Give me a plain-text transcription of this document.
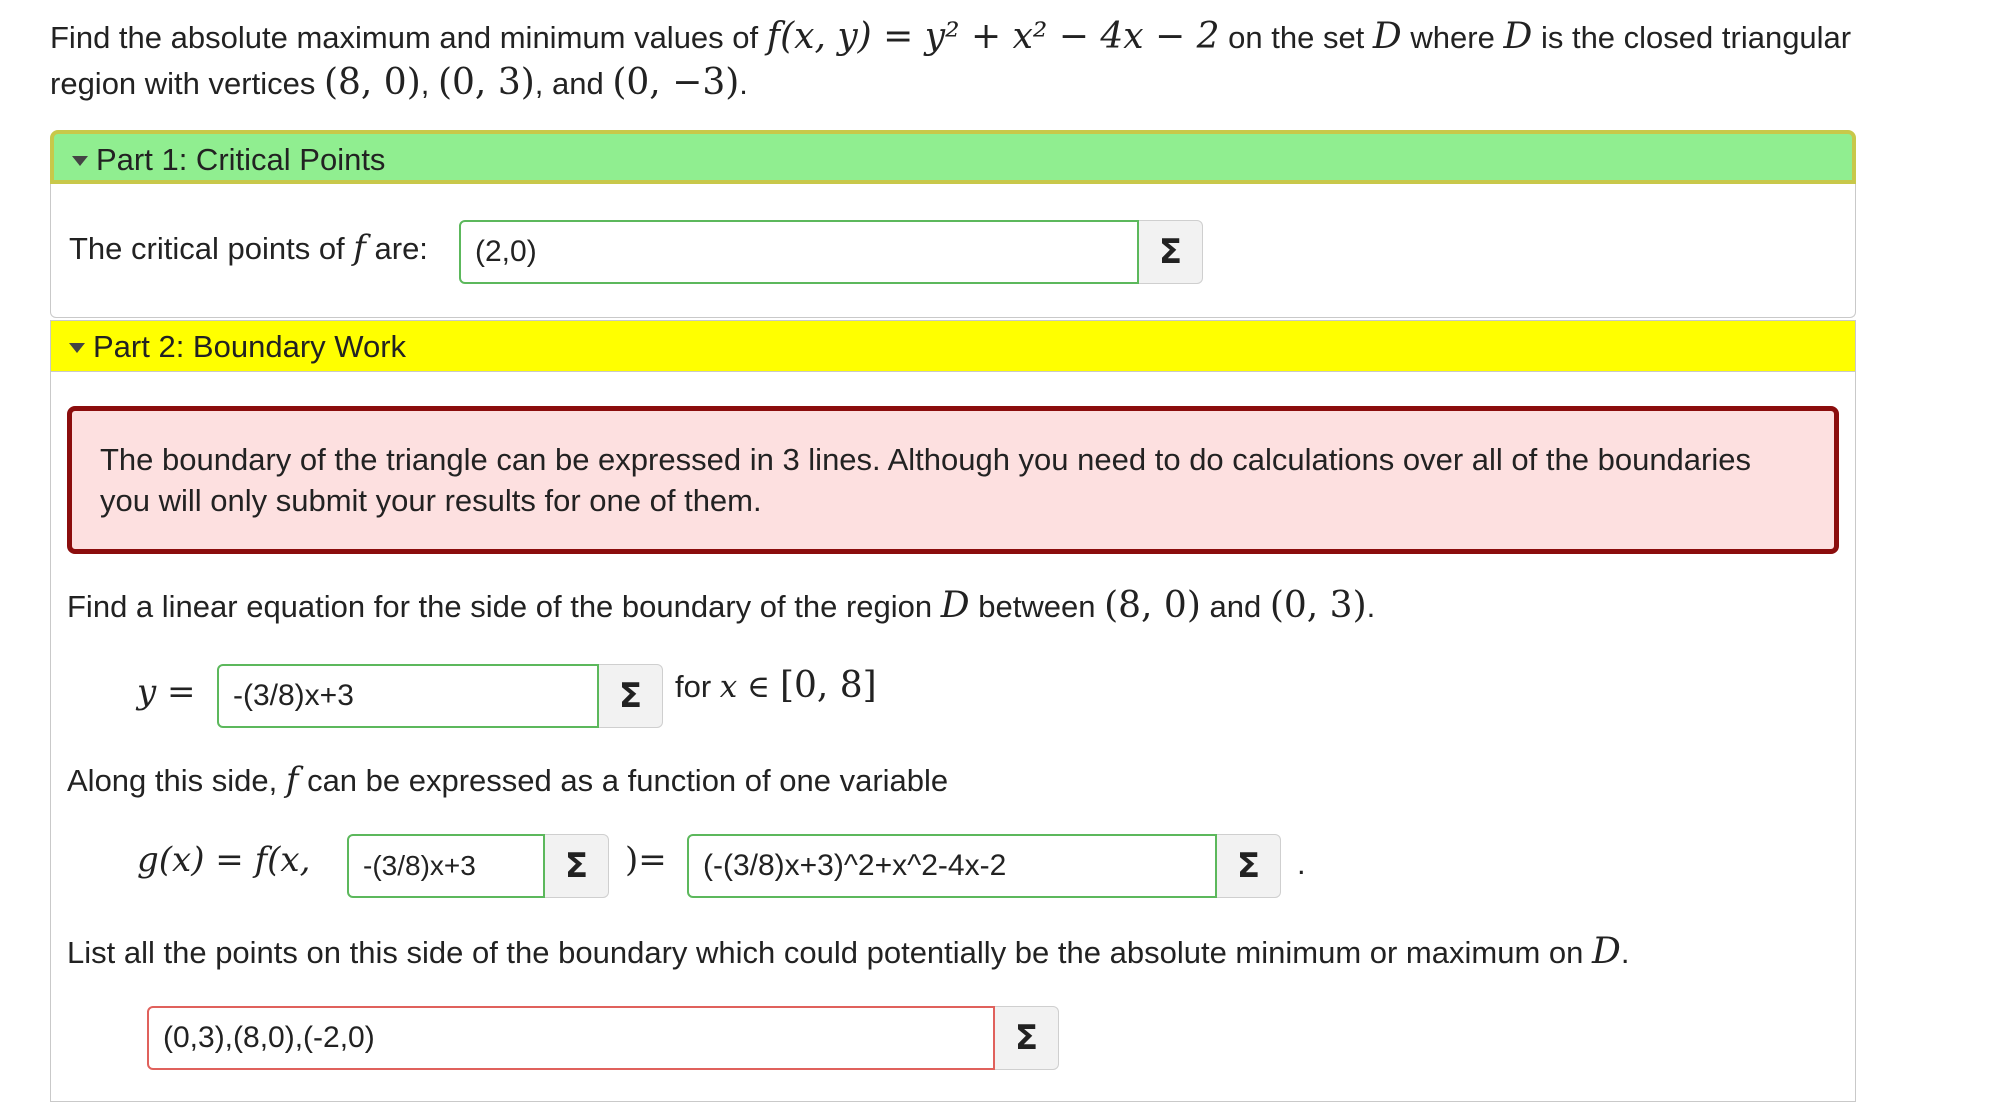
Find the absolute maximum and minimum values of f(x, y) = y² + x² − 4x − 2 on the set D where D is the closed triangular region with vertices (8, 0), (0, 3), and (0, −3).
Part 1: Critical Points
The critical points of f are:	(2,0)	Σ
Part 2: Boundary Work
The boundary of the triangle can be expressed in 3 lines. Although you need to do calculations over all of the boundaries you will only submit your results for one of them.
Find a linear equation for the side of the boundary of the region D between (8, 0) and (0, 3).
y =	-(3/8)x+3	Σ	for x ∈ [0, 8]
Along this side, f can be expressed as a function of one variable
g(x) = f(x,	-(3/8)x+3	Σ	)=	(-(3/8)x+3)^2+x^2-4x-2	Σ	.
List all the points on this side of the boundary which could potentially be the absolute minimum or maximum on D.
(0,3),(8,0),(-2,0)	Σ
